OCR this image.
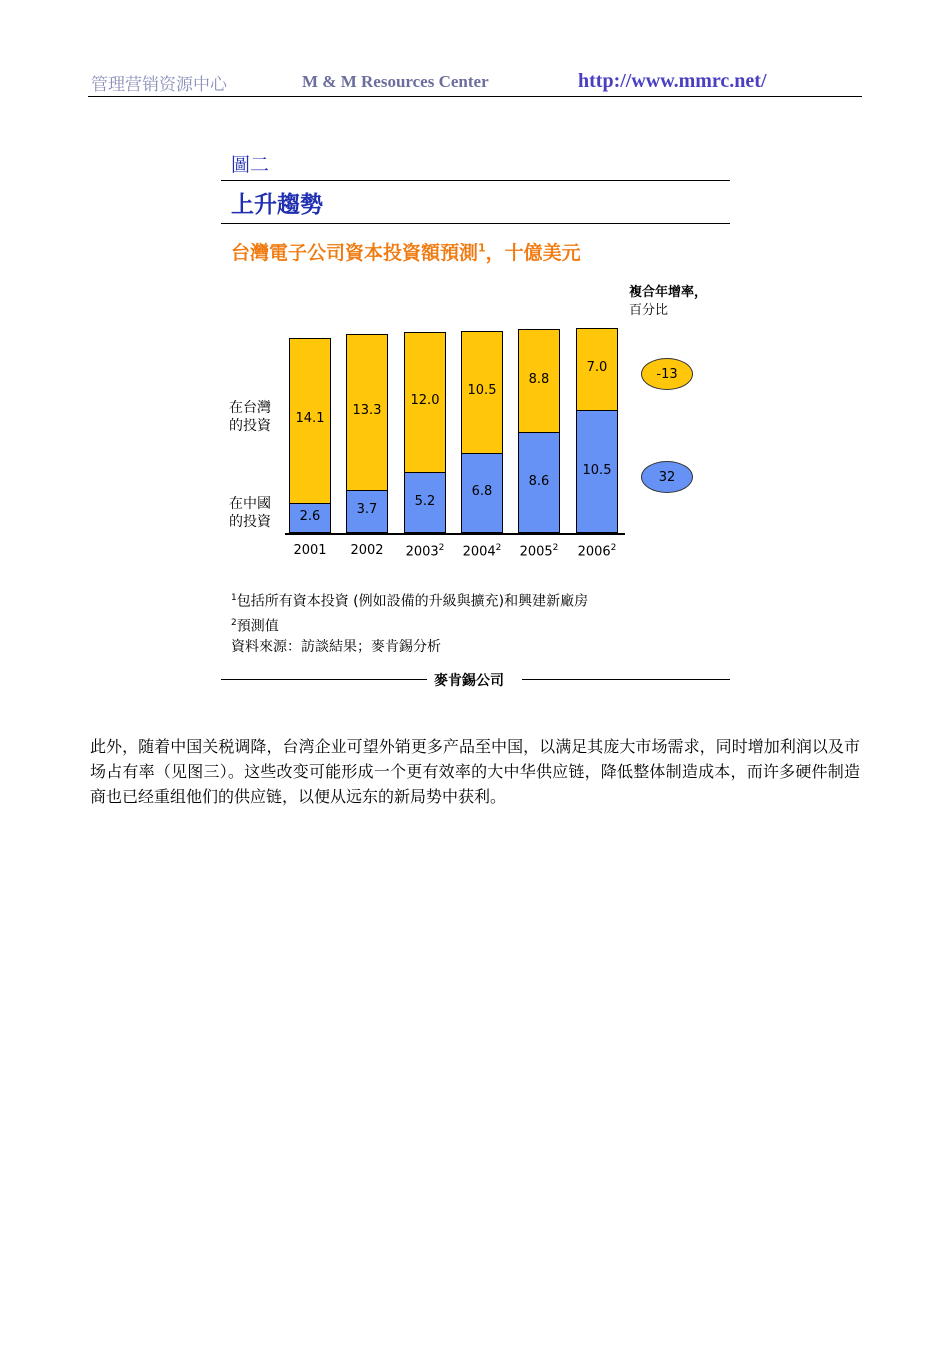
管理营销资源中心	M & M Resources Center	http://www.mmrc.net/
圖二
上升趨勢
台灣電子公司資本投資額預測$^1$，十億美元
複合年增率，
百分比
在台灣
的投資
在中國
的投資	2.6
14.1
2001
3.7
13.3
2002
5.2
12.0
2003$^2$
6.8
10.5
2004$^2$
8.6
8.8
2005$^2$
10.5
7.0
2006$^2$
-13
32
$^1$包括所有資本投資 (例如設備的升級與擴充)和興建新廠房
$^2$預測值
資料來源：訪談結果；麥肯錫分析
麥肯錫公司
此外，随着中国关税调降，台湾企业可望外销更多产品至中国，以满足其庞大市场需求，同时增加利润以及市场占有率（见图三）。这些改变可能形成一个更有效率的大中华供应链，降低整体制造成本，而许多硬件制造商也已经重组他们的供应链，以便从远东的新局势中获利。
